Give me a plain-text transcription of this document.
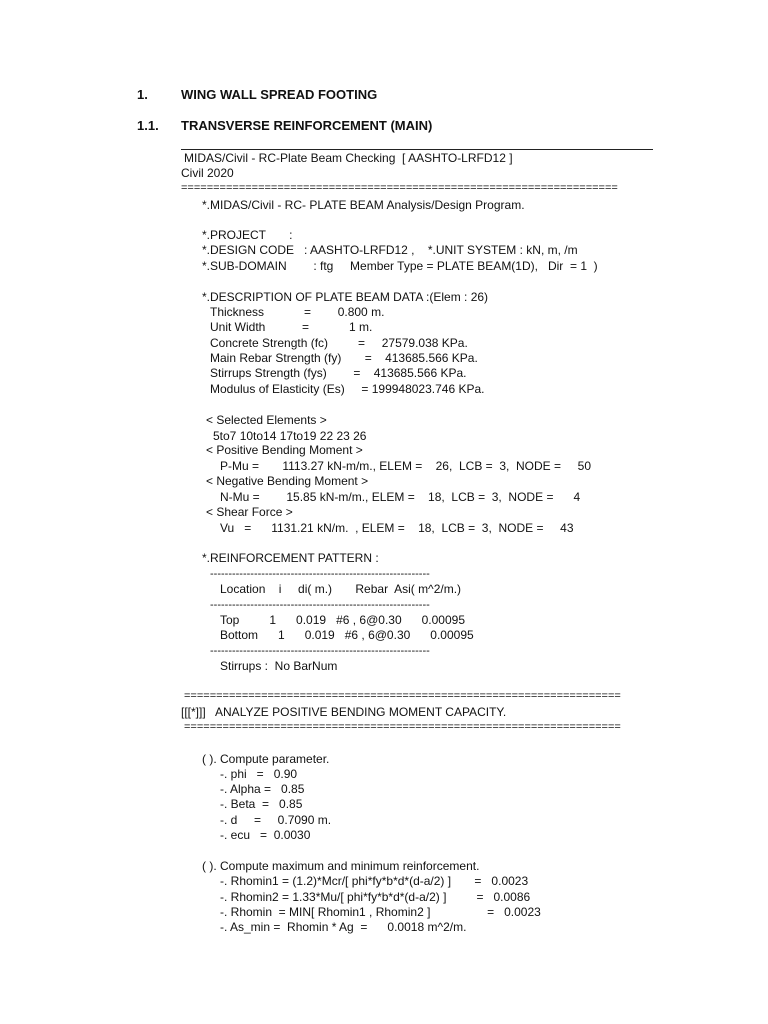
1.	WING WALL SPREAD FOOTING
1.1. TRANSVERSE REINFORCEMENT (MAIN)
MIDAS/Civil - RC-Plate Beam Checking  [ AASHTO-LRFD12 ]
Civil 2020
====================================================================
*.MIDAS/Civil - RC- PLATE BEAM Analysis/Design Program.
*.PROJECT       :
*.DESIGN CODE   : AASHTO-LRFD12 ,    *.UNIT SYSTEM : kN, m, /m
*.SUB-DOMAIN        : ftg     Member Type = PLATE BEAM(1D),   Dir  = 1  )
*.DESCRIPTION OF PLATE BEAM DATA :(Elem : 26)
Thickness            =        0.800 m.
Unit Width           =            1 m.
Concrete Strength (fc)         =     27579.038 KPa.
Main Rebar Strength (fy)       =    413685.566 KPa.
Stirrups Strength (fys)        =    413685.566 KPa.
Modulus of Elasticity (Es)     = 199948023.746 KPa.
< Selected Elements >
5to7 10to14 17to19 22 23 26
< Positive Bending Moment >
P-Mu =       1113.27 kN-m/m., ELEM =    26,  LCB =  3,  NODE =     50
< Negative Bending Moment >
N-Mu =        15.85 kN-m/m., ELEM =    18,  LCB =  3,  NODE =      4
< Shear Force >
Vu   =      1131.21 kN/m.  , ELEM =    18,  LCB =  3,  NODE =     43
*.REINFORCEMENT PATTERN :
------------------------------------------------------------
Location    i     di( m.)       Rebar  Asi( m^2/m.)
------------------------------------------------------------
Top         1      0.019   #6 , 6@0.30      0.00095
Bottom      1      0.019   #6 , 6@0.30      0.00095
------------------------------------------------------------
Stirrups :  No BarNum
====================================================================
[[[*]]]   ANALYZE POSITIVE BENDING MOMENT CAPACITY.
====================================================================
( ). Compute parameter.
-. phi   =   0.90
-. Alpha =   0.85
-. Beta  =   0.85
-. d     =     0.7090 m.
-. ecu   =  0.0030
( ). Compute maximum and minimum reinforcement.
-. Rhomin1 = (1.2)*Mcr/[ phi*fy*b*d*(d-a/2) ]       =   0.0023
-. Rhomin2 = 1.33*Mu/[ phi*fy*b*d*(d-a/2) ]         =   0.0086
-. Rhomin  = MIN[ Rhomin1 , Rhomin2 ]                 =   0.0023
-. As_min =  Rhomin * Ag  =      0.0018 m^2/m.
